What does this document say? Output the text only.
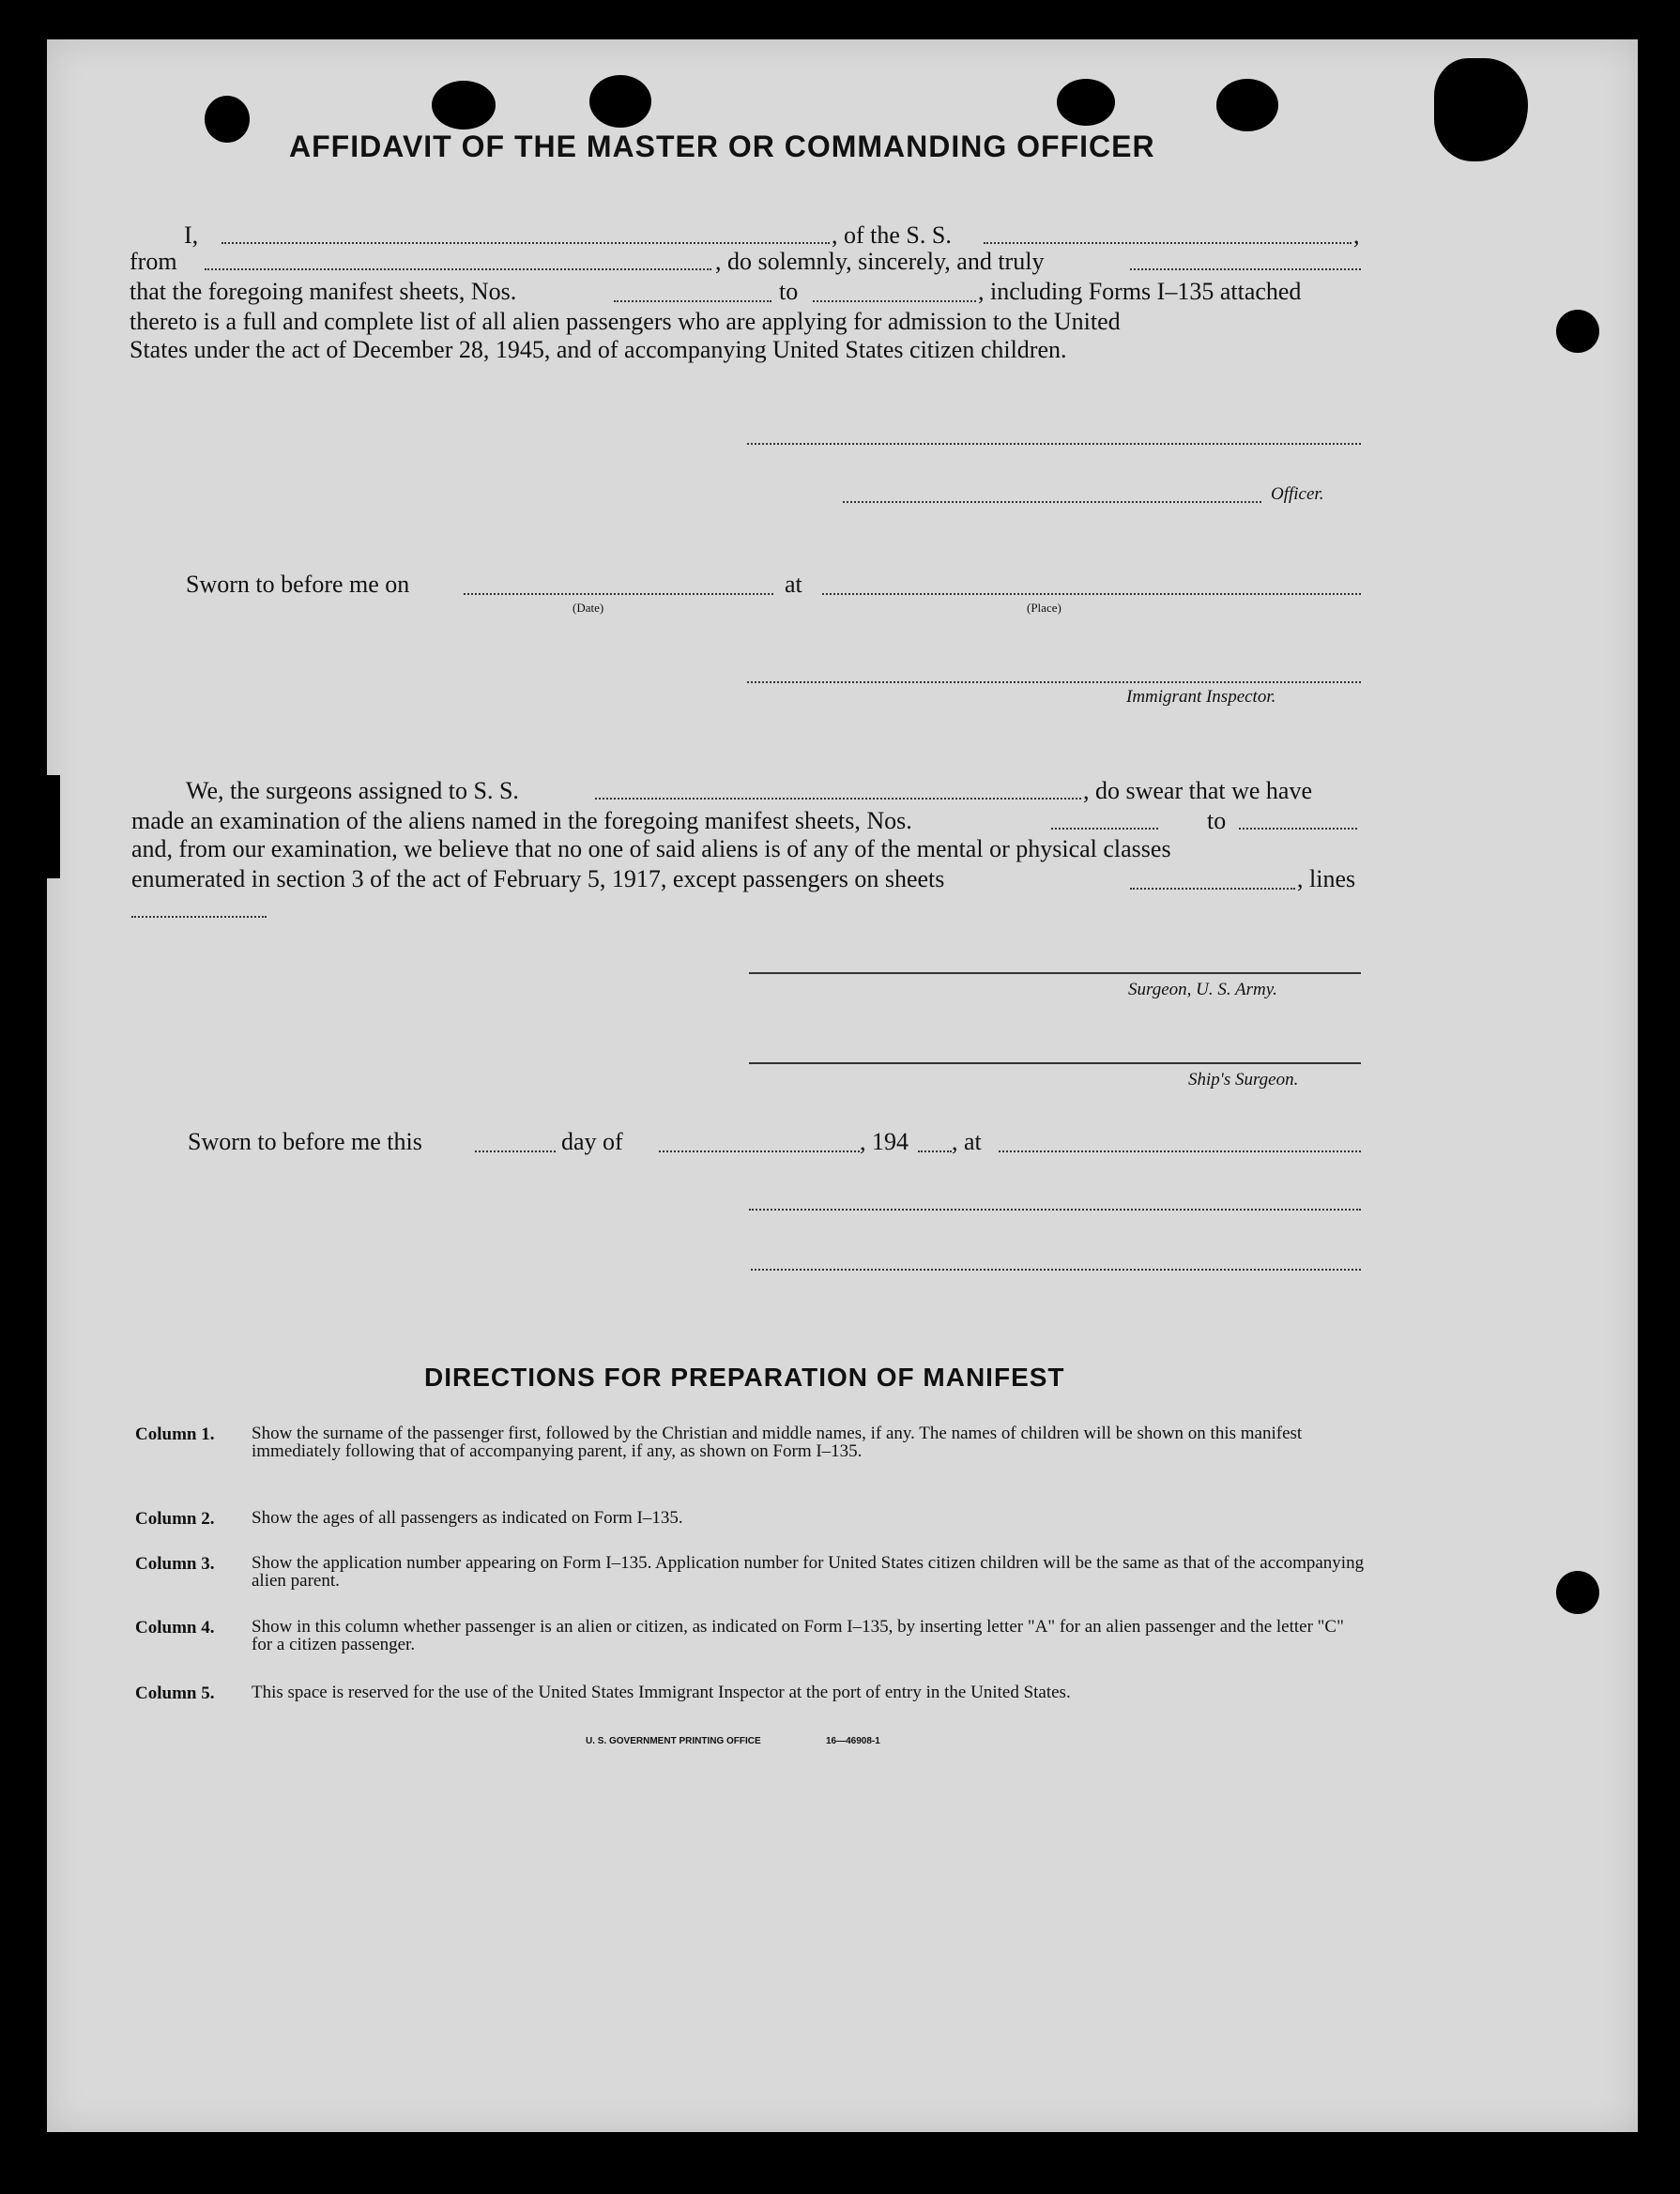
AFFIDAVIT OF THE MASTER OR COMMANDING OFFICER
I,	, of the S. S.	,
from	, do solemnly, sincerely, and truly
that the foregoing manifest sheets, Nos.	to	, including Forms I–135 attached
thereto is a full and complete list of all alien passengers who are applying for admission to the United
States under the act of December 28, 1945, and of accompanying United States citizen children.
Officer.
Sworn to before me on
(Date)
at
(Place)
Immigrant Inspector.
We, the surgeons assigned to S. S.	, do swear that we have
made an examination of the aliens named in the foregoing manifest sheets, Nos.	to
and, from our examination, we believe that no one of said aliens is of any of the mental or physical classes
enumerated in section 3 of the act of February 5, 1917, except passengers on sheets	, lines
Surgeon, U. S. Army.
Ship's Surgeon.
Sworn to before me this	day of	, 194 , at
DIRECTIONS FOR PREPARATION OF MANIFEST
Column 1. Show the surname of the passenger first, followed by the Christian and middle names, if any. The names of children will be shown on this manifest immediately following that of accompanying parent, if any, as shown on Form I–135.
Column 2. Show the ages of all passengers as indicated on Form I–135.
Column 3. Show the application number appearing on Form I–135. Application number for United States citizen children will be the same as that of the accompanying alien parent.
Column 4. Show in this column whether passenger is an alien or citizen, as indicated on Form I–135, by inserting letter "A" for an alien passenger and the letter "C" for a citizen passenger.
Column 5. This space is reserved for the use of the United States Immigrant Inspector at the port of entry in the United States.
U. S. GOVERNMENT PRINTING OFFICE	16—46908-1
